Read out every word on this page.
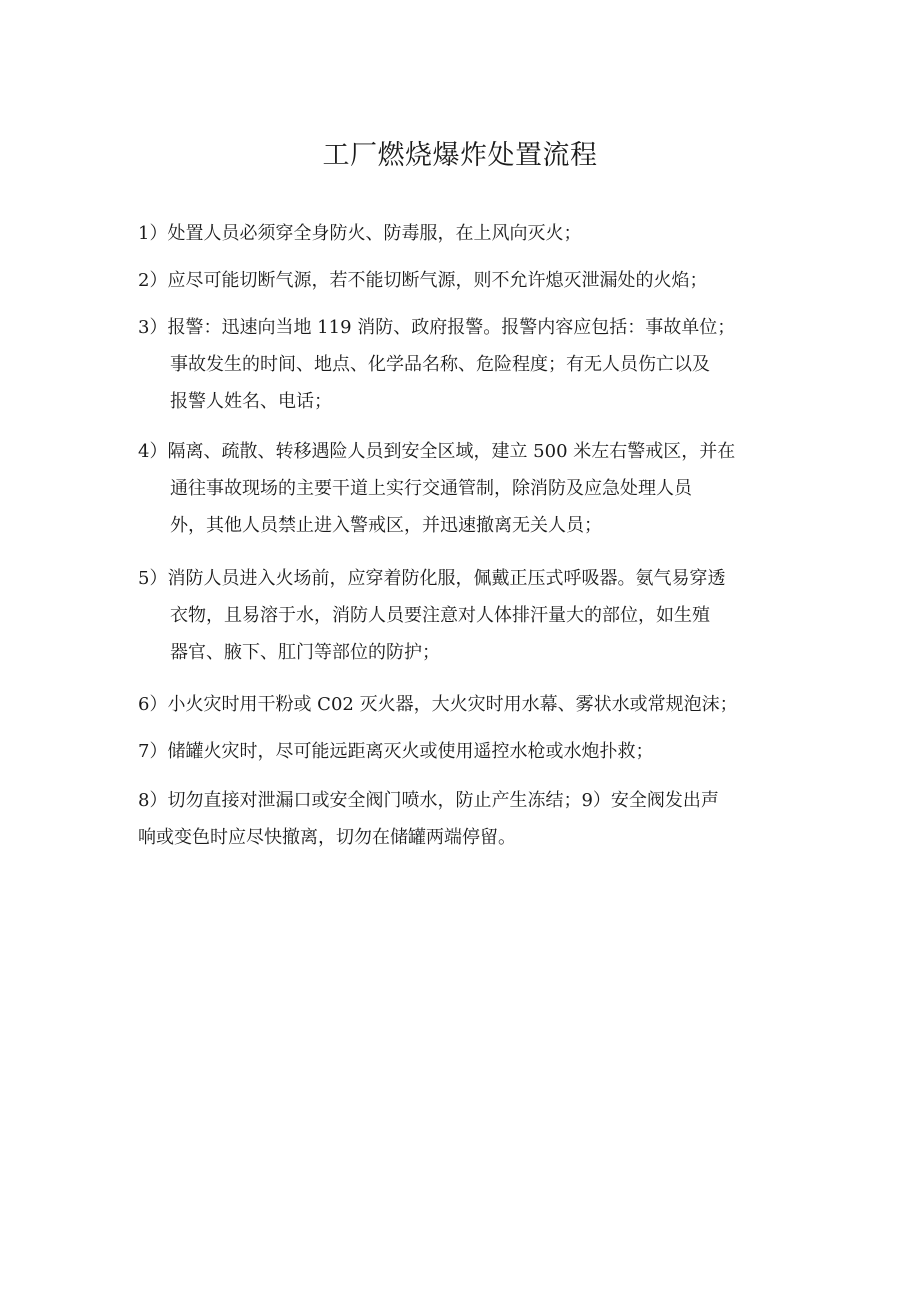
工厂燃烧爆炸处置流程
1）处置人员必须穿全身防火、防毒服，在上风向灭火；
2）应尽可能切断气源，若不能切断气源，则不允许熄灭泄漏处的火焰；
3）报警：迅速向当地 119 消防、政府报警。报警内容应包括：事故单位；
事故发生的时间、地点、化学品名称、危险程度；有无人员伤亡以及
报警人姓名、电话；
4）隔离、疏散、转移遇险人员到安全区域，建立 500 米左右警戒区，并在
通往事故现场的主要干道上实行交通管制，除消防及应急处理人员
外，其他人员禁止进入警戒区，并迅速撤离无关人员；
5）消防人员进入火场前，应穿着防化服，佩戴正压式呼吸器。氨气易穿透
衣物，且易溶于水，消防人员要注意对人体排汗量大的部位，如生殖
器官、腋下、肛门等部位的防护；
6）小火灾时用干粉或 C02 灭火器，大火灾时用水幕、雾状水或常规泡沫；
7）储罐火灾时，尽可能远距离灭火或使用遥控水枪或水炮扑救；
8）切勿直接对泄漏口或安全阀门喷水，防止产生冻结；9）安全阀发出声
响或变色时应尽快撤离，切勿在储罐两端停留。
